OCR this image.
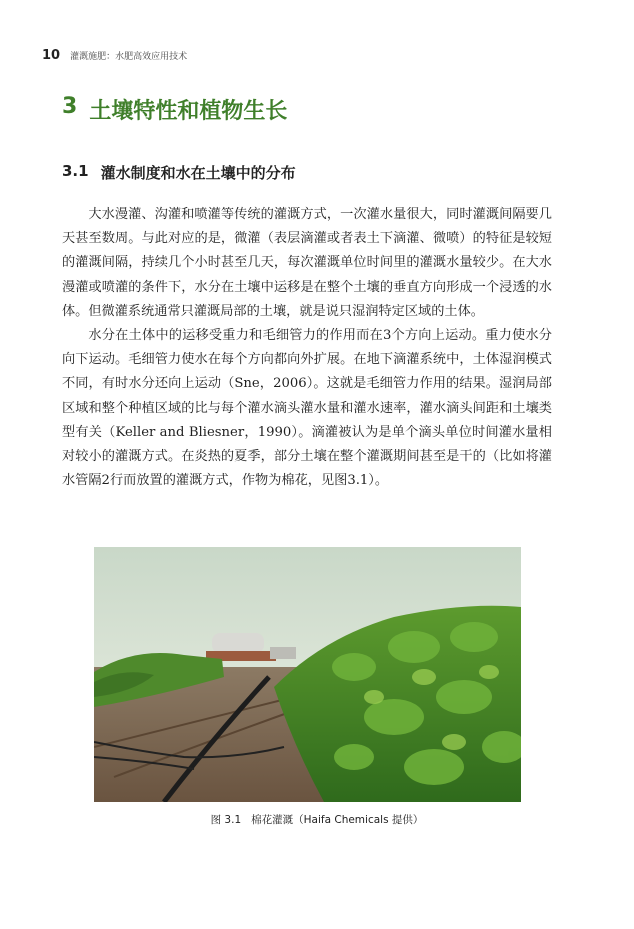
10 灌溉施肥：水肥高效应用技术
3 土壤特性和植物生长
3.1 灌水制度和水在土壤中的分布

大水漫灌、沟灌和喷灌等传统的灌溉方式，一次灌水量很大，同时灌溉间隔要几天甚至数周。与此对应的是，微灌（表层滴灌或者表土下滴灌、微喷）的特征是较短的灌溉间隔，持续几个小时甚至几天，每次灌溉单位时间里的灌溉水量较少。在大水漫灌或喷灌的条件下，水分在土壤中运移是在整个土壤的垂直方向形成一个浸透的水体。但微灌系统通常只灌溉局部的土壤，就是说只湿润特定区域的土体。

水分在土体中的运移受重力和毛细管力的作用而在3个方向上运动。重力使水分向下运动。毛细管力使水在每个方向都向外扩展。在地下滴灌系统中，土体湿润模式不同，有时水分还向上运动（Sne，2006）。这就是毛细管力作用的结果。湿润局部区域和整个种植区域的比与每个灌水滴头灌水量和灌水速率，灌水滴头间距和土壤类型有关（Keller and Bliesner，1990）。滴灌被认为是单个滴头单位时间灌水量相对较小的灌溉方式。在炎热的夏季，部分土壤在整个灌溉期间甚至是干的（比如将灌水管隔2行而放置的灌溉方式，作物为棉花，见图3.1）。

图 3.1 棉花灌溉（Haifa Chemicals 提供）
